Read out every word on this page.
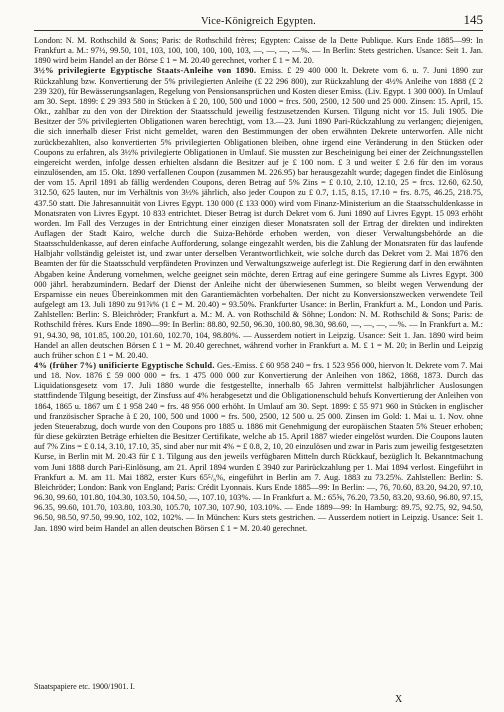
Vice-Königreich Egypten.	145

London: N. M. Rothschild & Sons; Paris: de Rothschild frères; Egypten: Caisse de la Dette Publique. Kurs Ende 1885—99: In Frankfurt a. M.: 97½, 99.50, 101, 103, 100, 100, 100, 100, 103, —, —, —, —%. — In Berlin: Stets gestrichen. Usance: Seit 1. Jan. 1890 wird beim Handel an der Börse £ 1 = M. 20.40 gerechnet, vorher £ 1 = M. 20.

3½% privilegierte Egyptische Staats-Anleihe von 1890. Emiss. £ 29 400 000 lt. Dekrete vom 6. u. 7. Juni 1890 zur Rückzahlung bzw. Konvertierung der 5% privilegierten Anleihe (£ 22 296 800), zur Rückzahlung der 4½% Anleihe von 1888 (£ 2 239 320), für Bewässerungsanlagen, Regelung von Pensionsansprüchen und Kosten dieser Emiss. (Liv. Egypt. 1 300 000). In Umlauf am 30. Sept. 1899: £ 29 393 580 in Stücken à £ 20, 100, 500 und 1000 = frcs. 500, 2500, 12 500 und 25 000. Zinsen: 15. April, 15. Okt., zahlbar zu den von der Direktion der Staatsschuld jeweilig festzusetzenden Kursen. Tilgung nicht vor 15. Juli 1905. Die Besitzer der 5% privilegierten Obligationen waren berechtigt, vom 13.—23. Juni 1890 Pari-Rückzahlung zu verlangen; diejenigen, die sich innerhalb dieser Frist nicht gemeldet, waren den Bestimmungen der oben erwähnten Dekrete unterworfen. Alle nicht zurückbezahlten, also konvertierten 5% privilegierten Obligationen bleiben, ohne irgend eine Veränderung in den Stücken oder Coupons zu erfahren, als 3½% privilegierte Obligationen in Umlauf. Sie mussten zur Bescheinigung bei einer der Zeichnungsstellen eingereicht werden, infolge dessen erhielten alsdann die Besitzer auf je £ 100 nom. £ 3 und weiter £ 2.6 für den im voraus einzulösenden, am 15. Okt. 1890 verfallenen Coupon (zusammen M. 226.95) bar herausgezahlt wurde; dagegen findet die Einlösung der vom 15. April 1891 ab fällig werdenden Coupons, deren Betrag auf 5% Zins = £ 0.10, 2.10, 12.10, 25 = frcs. 12.60, 62.50, 312.50, 625 lauten, nur im Verhältnis von 3½% jährlich, also jeder Coupon zu £ 0.7, 1.15, 8.15, 17.10 = frs. 8.75, 46.25, 218.75, 437.50 statt. Die Jahresannuität von Livres Egypt. 130 000 (£ 133 000) wird vom Finanz-Ministerium an die Staatsschuldenkasse in Monatsraten von Livres Egypt. 10 833 entrichtet. Dieser Betrag ist durch Dekret vom 6. Juni 1890 auf Livres Egypt. 15 093 erhöht worden. Im Fall des Verzuges in der Entrichtung einer einzigen dieser Monatsraten soll der Ertrag der direkten und indirekten Auflagen der Stadt Kairo, welche durch die Suiza-Behörde erhoben werden, von dieser Verwaltungsbehörde an die Staatsschuldenkasse, auf deren einfache Aufforderung, solange eingezahlt werden, bis die Zahlung der Monatsraten für das laufende Halbjahr vollständig geleistet ist, und zwar unter derselben Verantwortlichkeit, wie solche durch das Dekret vom 2. Mai 1876 den Beamten der für die Staatsschuld verpfändeten Provinzen und Verwaltungszweige auferlegt ist. Die Regierung darf in den erwähnten Abgaben keine Änderung vornehmen, welche geeignet sein möchte, deren Ertrag auf eine geringere Summe als Livres Egypt. 300 000 jährl. herabzumindern. Bedarf der Dienst der Anleihe nicht der überwiesenen Summen, so bleibt wegen Verwendung der Ersparnisse ein neues Übereinkommen mit den Garantiemächten vorbehalten. Der nicht zu Konversionszwecken verwendete Teil aufgelegt am 13. Juli 1890 zu 91⅞% (1 £ = M. 20.40) = 93.50%. Frankfurter Usance: in Berlin, Frankfurt a. M., London und Paris. Zahlstellen: Berlin: S. Bleichröder; Frankfurt a. M.: M. A. von Rothschild & Söhne; London: N. M. Rothschild & Sons; Paris: de Rothschild frères. Kurs Ende 1890—99: In Berlin: 88.80, 92.50, 96.30, 100.80, 98.30, 98.60, —, —, —, —%. — In Frankfurt a. M.: 91, 94.30, 98, 101.85, 100.20, 101.60, 102.70, 104, 98.80%. — Ausserdem notiert in Leipzig. Usance: Seit 1. Jan. 1890 wird beim Handel an allen deutschen Börsen £ 1 = M. 20.40 gerechnet, während vorher in Frankfurt a. M. £ 1 = M. 20; in Berlin und Leipzig auch früher schon £ 1 = M. 20.40.

4% (früher 7%) unificierte Egyptische Schuld. Ges.-Emiss. £ 60 958 240 = frs. 1 523 956 000, hiervon lt. Dekrete vom 7. Mai und 18. Nov. 1876 £ 59 000 000 = frs. 1 475 000 000 zur Konvertierung der Anleihen von 1862, 1868, 1873. Durch das Liquidationsgesetz vom 17. Juli 1880 wurde die festgestellte, innerhalb 65 Jahren vermittelst halbjährlicher Auslosungen stattfindende Tilgung beseitigt, der Zinsfuss auf 4% herabgesetzt und die Obligationenschuld behufs Konvertierung der Anleihen von 1864, 1865 u. 1867 um £ 1 958 240 = frs. 48 956 000 erhöht. In Umlauf am 30. Sept. 1899: £ 55 971 960 in Stücken in englischer und französischer Sprache à £ 20, 100, 500 und 1000 = frs. 500, 2500, 12 500 u. 25 000. Zinsen im Gold: 1. Mai u. 1. Nov. ohne jeden Steuerabzug, doch wurde von den Coupons pro 1885 u. 1886 mit Genehmigung der europäischen Staaten 5% Steuer erhoben; für diese gekürzten Beträge erhielten die Besitzer Certifikate, welche ab 15. April 1887 wieder eingelöst wurden. Die Coupons lauten auf 7% Zins = £ 0.14, 3.10, 17.10, 35, sind aber nur mit 4% = £ 0.8, 2, 10, 20 einzulösen und zwar in Paris zum jeweilig festgesetzten Kurse, in Berlin mit M. 20.43 für £ 1. Tilgung aus den jeweils verfügbaren Mitteln durch Rückkauf, bezüglich lt. Bekanntmachung vom Juni 1888 durch Pari-Einlösung, am 21. April 1894 wurden £ 3940 zur Parirückzahlung per 1. Mai 1894 verlost. Eingeführt in Frankfurt a. M. am 11. Mai 1882, erster Kurs 65⁵/₈%, eingeführt in Berlin am 7. Aug. 1883 zu 73.25%. Zahlstellen: Berlin: S. Bleichröder; London: Bank von England; Paris: Crédit Lyonnais. Kurs Ende 1885—99: In Berlin: —, 76, 70.60, 83.20, 94.20, 97.10, 96.30, 99.60, 101.80, 104.30, 103.50, 104.50, —, 107.10, 103%. — In Frankfurt a. M.: 65⅝, 76.20, 73.50, 83.20, 93.60, 96.80, 97.15, 96.35, 99.60, 101.70, 103.80, 103.30, 105.70, 107.30, 107.90, 103.10%. — Ende 1889—99: In Hamburg: 89.75, 92.75, 92, 94.50, 96.50, 98.50, 97.50, 99.90, 102, 102, 102%. — In München: Kurs stets gestrichen. — Ausserdem notiert in Leipzig. Usance: Seit 1. Jan. 1890 wird beim Handel an allen deutschen Börsen £ 1 = M. 20.40 gerechnet.

Staatspapiere etc. 1900/1901. I.
X
